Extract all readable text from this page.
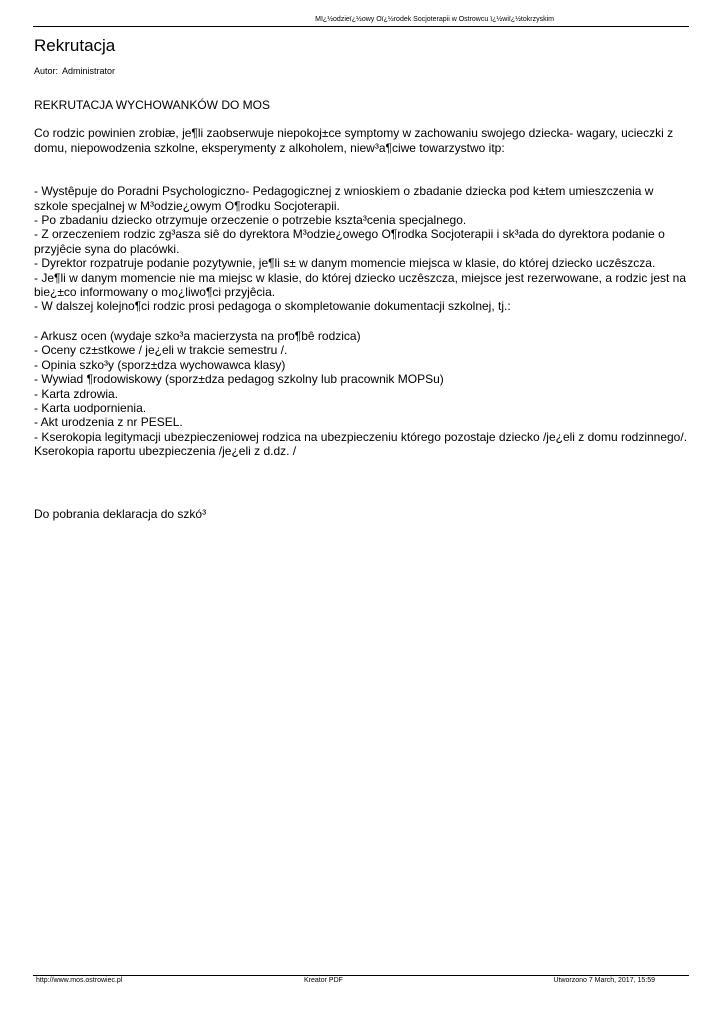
Mï¿½odzieï¿½owy Oï¿½rodek Socjoterapii w Ostrowcu ï¿½wiï¿½tokrzyskim
Rekrutacja
Autor: Administrator

REKRUTACJA WYCHOWANKÓW DO MOS

Co rodzic powinien zrobiæ, je¶li zaobserwuje niepokoj±ce symptomy w zachowaniu swojego dziecka- wagary, ucieczki z domu, niepowodzenia szkolne, eksperymenty z alkoholem, niew³a¶ciwe towarzystwo itp:

- Wystêpuje do Poradni Psychologiczno- Pedagogicznej z wnioskiem o zbadanie dziecka pod k±tem umieszczenia w szkole specjalnej w M³odzie¿owym O¶rodku Socjoterapii.

- Po zbadaniu dziecko otrzymuje orzeczenie o potrzebie kszta³cenia specjalnego.

- Z orzeczeniem rodzic zg³asza siê do dyrektora M³odzie¿owego O¶rodka Socjoterapii i sk³ada do dyrektora podanie o przyjêcie syna do placówki.

- Dyrektor rozpatruje podanie pozytywnie, je¶li s± w danym momencie miejsca w klasie, do której dziecko uczêszcza.

- Je¶li w danym momencie nie ma miejsc w klasie, do której dziecko uczêszcza, miejsce jest rezerwowane, a rodzic jest na bie¿±co informowany o mo¿liwo¶ci przyjêcia.

- W dalszej kolejno¶ci rodzic prosi pedagoga o skompletowanie dokumentacji szkolnej, tj.:

- Arkusz ocen (wydaje szko³a macierzysta na pro¶bê rodzica)

- Oceny cz±stkowe / je¿eli w trakcie semestru /.

- Opinia szko³y (sporz±dza wychowawca klasy)

- Wywiad ¶rodowiskowy (sporz±dza pedagog szkolny lub pracownik MOPSu)

- Karta zdrowia.

- Karta uodpornienia.

- Akt urodzenia z nr PESEL.

- Kserokopia legitymacji ubezpieczeniowej rodzica na ubezpieczeniu którego pozostaje dziecko /je¿eli z domu rodzinnego/. Kserokopia raportu ubezpieczenia /je¿eli z d.dz. /

Do pobrania deklaracja do szkó³

http://www.mos.ostrowiec.pl	Kreator PDF	Utworzono 7 March, 2017, 15:59
